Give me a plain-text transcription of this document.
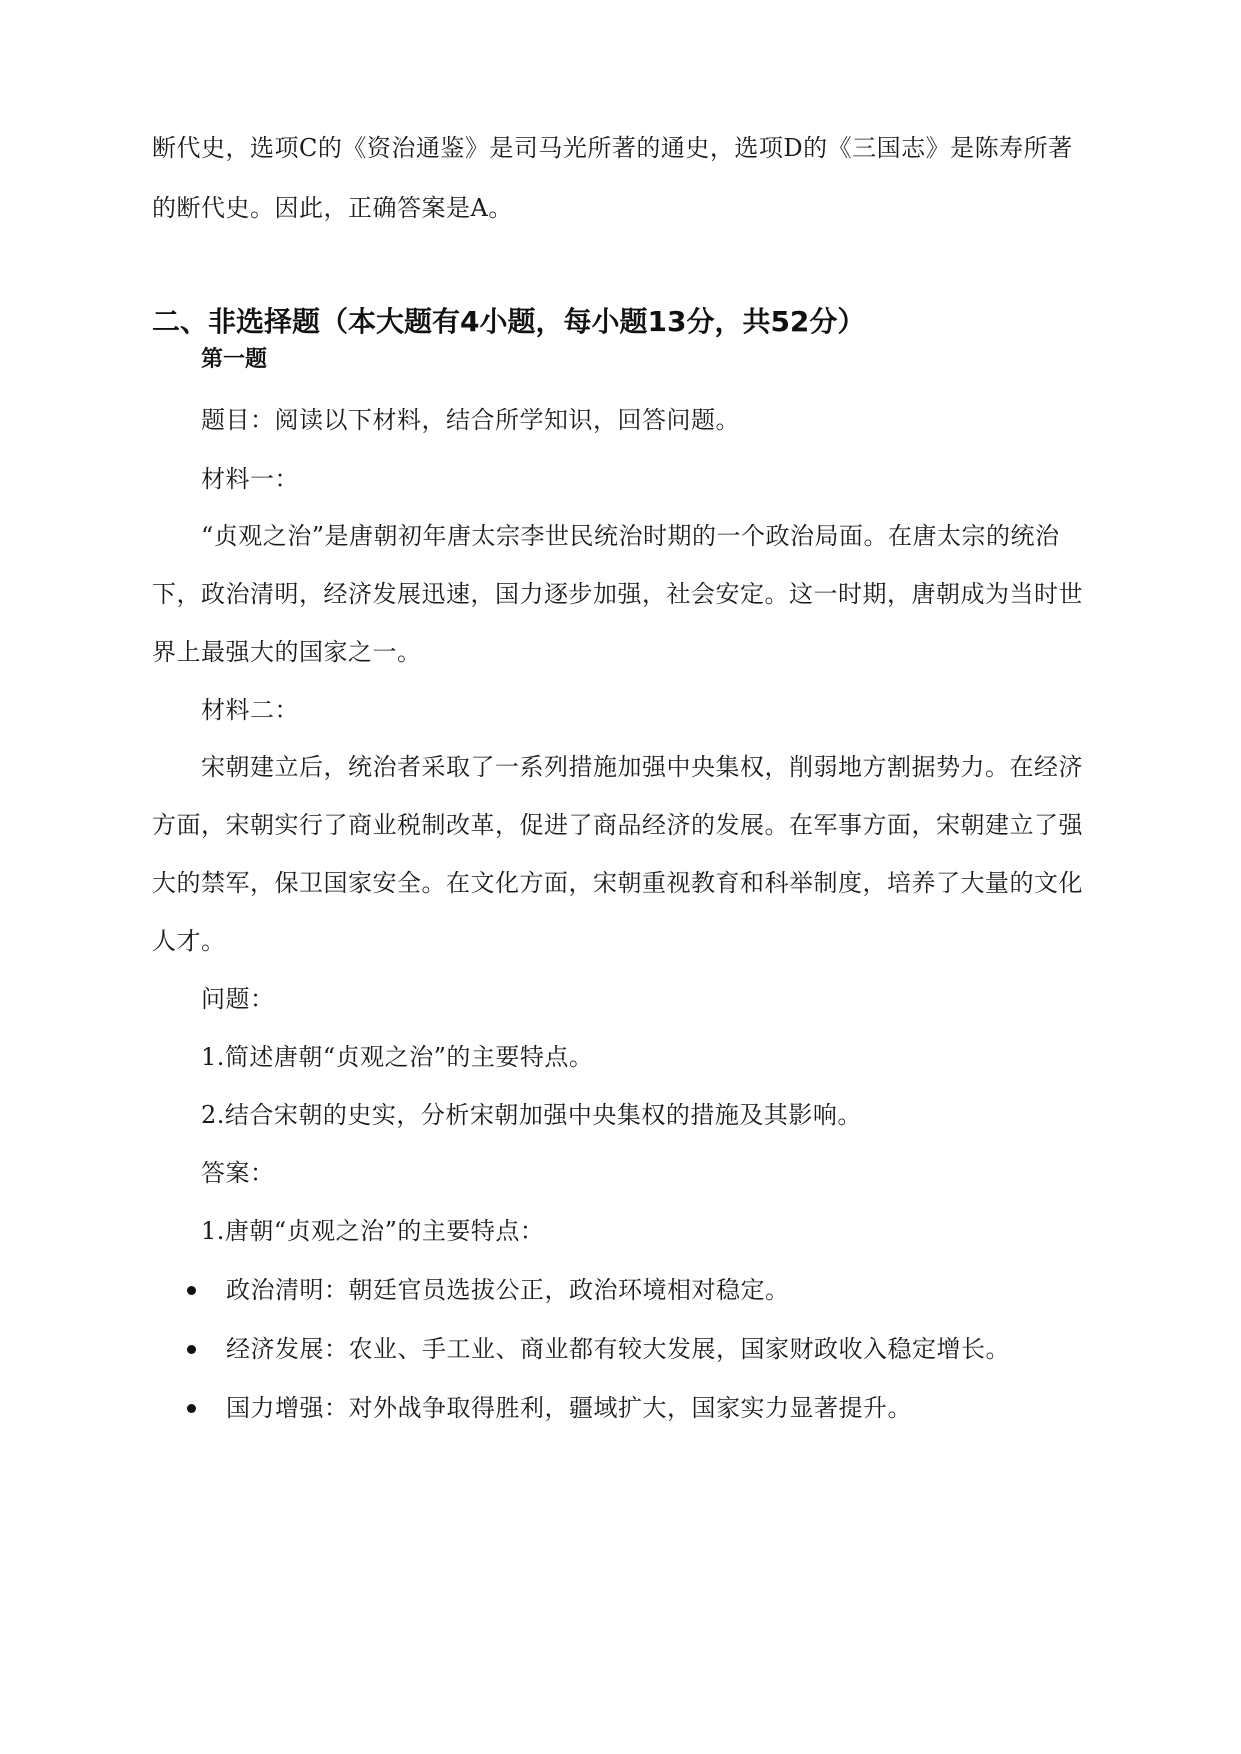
断代史，选项C的《资治通鉴》是司马光所著的通史，选项D的《三国志》是陈寿所著
的断代史。因此，正确答案是A。
二、非选择题（本大题有4小题，每小题13分，共52分）
第一题
题目：阅读以下材料，结合所学知识，回答问题。
材料一：
“贞观之治”是唐朝初年唐太宗李世民统治时期的一个政治局面。在唐太宗的统治
下，政治清明，经济发展迅速，国力逐步加强，社会安定。这一时期，唐朝成为当时世
界上最强大的国家之一。
材料二：
宋朝建立后，统治者采取了一系列措施加强中央集权，削弱地方割据势力。在经济
方面，宋朝实行了商业税制改革，促进了商品经济的发展。在军事方面，宋朝建立了强
大的禁军，保卫国家安全。在文化方面，宋朝重视教育和科举制度，培养了大量的文化
人才。
问题：
1.简述唐朝“贞观之治”的主要特点。
2.结合宋朝的史实，分析宋朝加强中央集权的措施及其影响。
答案：
1.唐朝“贞观之治”的主要特点：
政治清明：朝廷官员选拔公正，政治环境相对稳定。
经济发展：农业、手工业、商业都有较大发展，国家财政收入稳定增长。
国力增强：对外战争取得胜利，疆域扩大，国家实力显著提升。
